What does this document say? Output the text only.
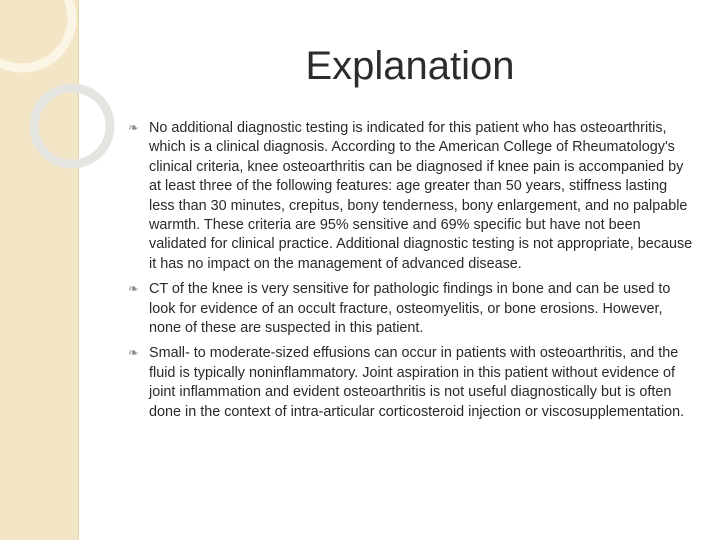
Explanation
❧ No additional diagnostic testing is indicated for this patient who has osteoarthritis, which is a clinical diagnosis. According to the American College of Rheumatology's clinical criteria, knee osteoarthritis can be diagnosed if knee pain is accompanied by at least three of the following features: age greater than 50 years, stiffness lasting less than 30 minutes, crepitus, bony tenderness, bony enlargement, and no palpable warmth. These criteria are 95% sensitive and 69% specific but have not been validated for clinical practice. Additional diagnostic testing is not appropriate, because it has no impact on the management of advanced disease.
❧ CT of the knee is very sensitive for pathologic findings in bone and can be used to look for evidence of an occult fracture, osteomyelitis, or bone erosions. However, none of these are suspected in this patient.
❧ Small- to moderate-sized effusions can occur in patients with osteoarthritis, and the fluid is typically noninflammatory. Joint aspiration in this patient without evidence of joint inflammation and evident osteoarthritis is not useful diagnostically but is often done in the context of intra-articular corticosteroid injection or viscosupplementation.
